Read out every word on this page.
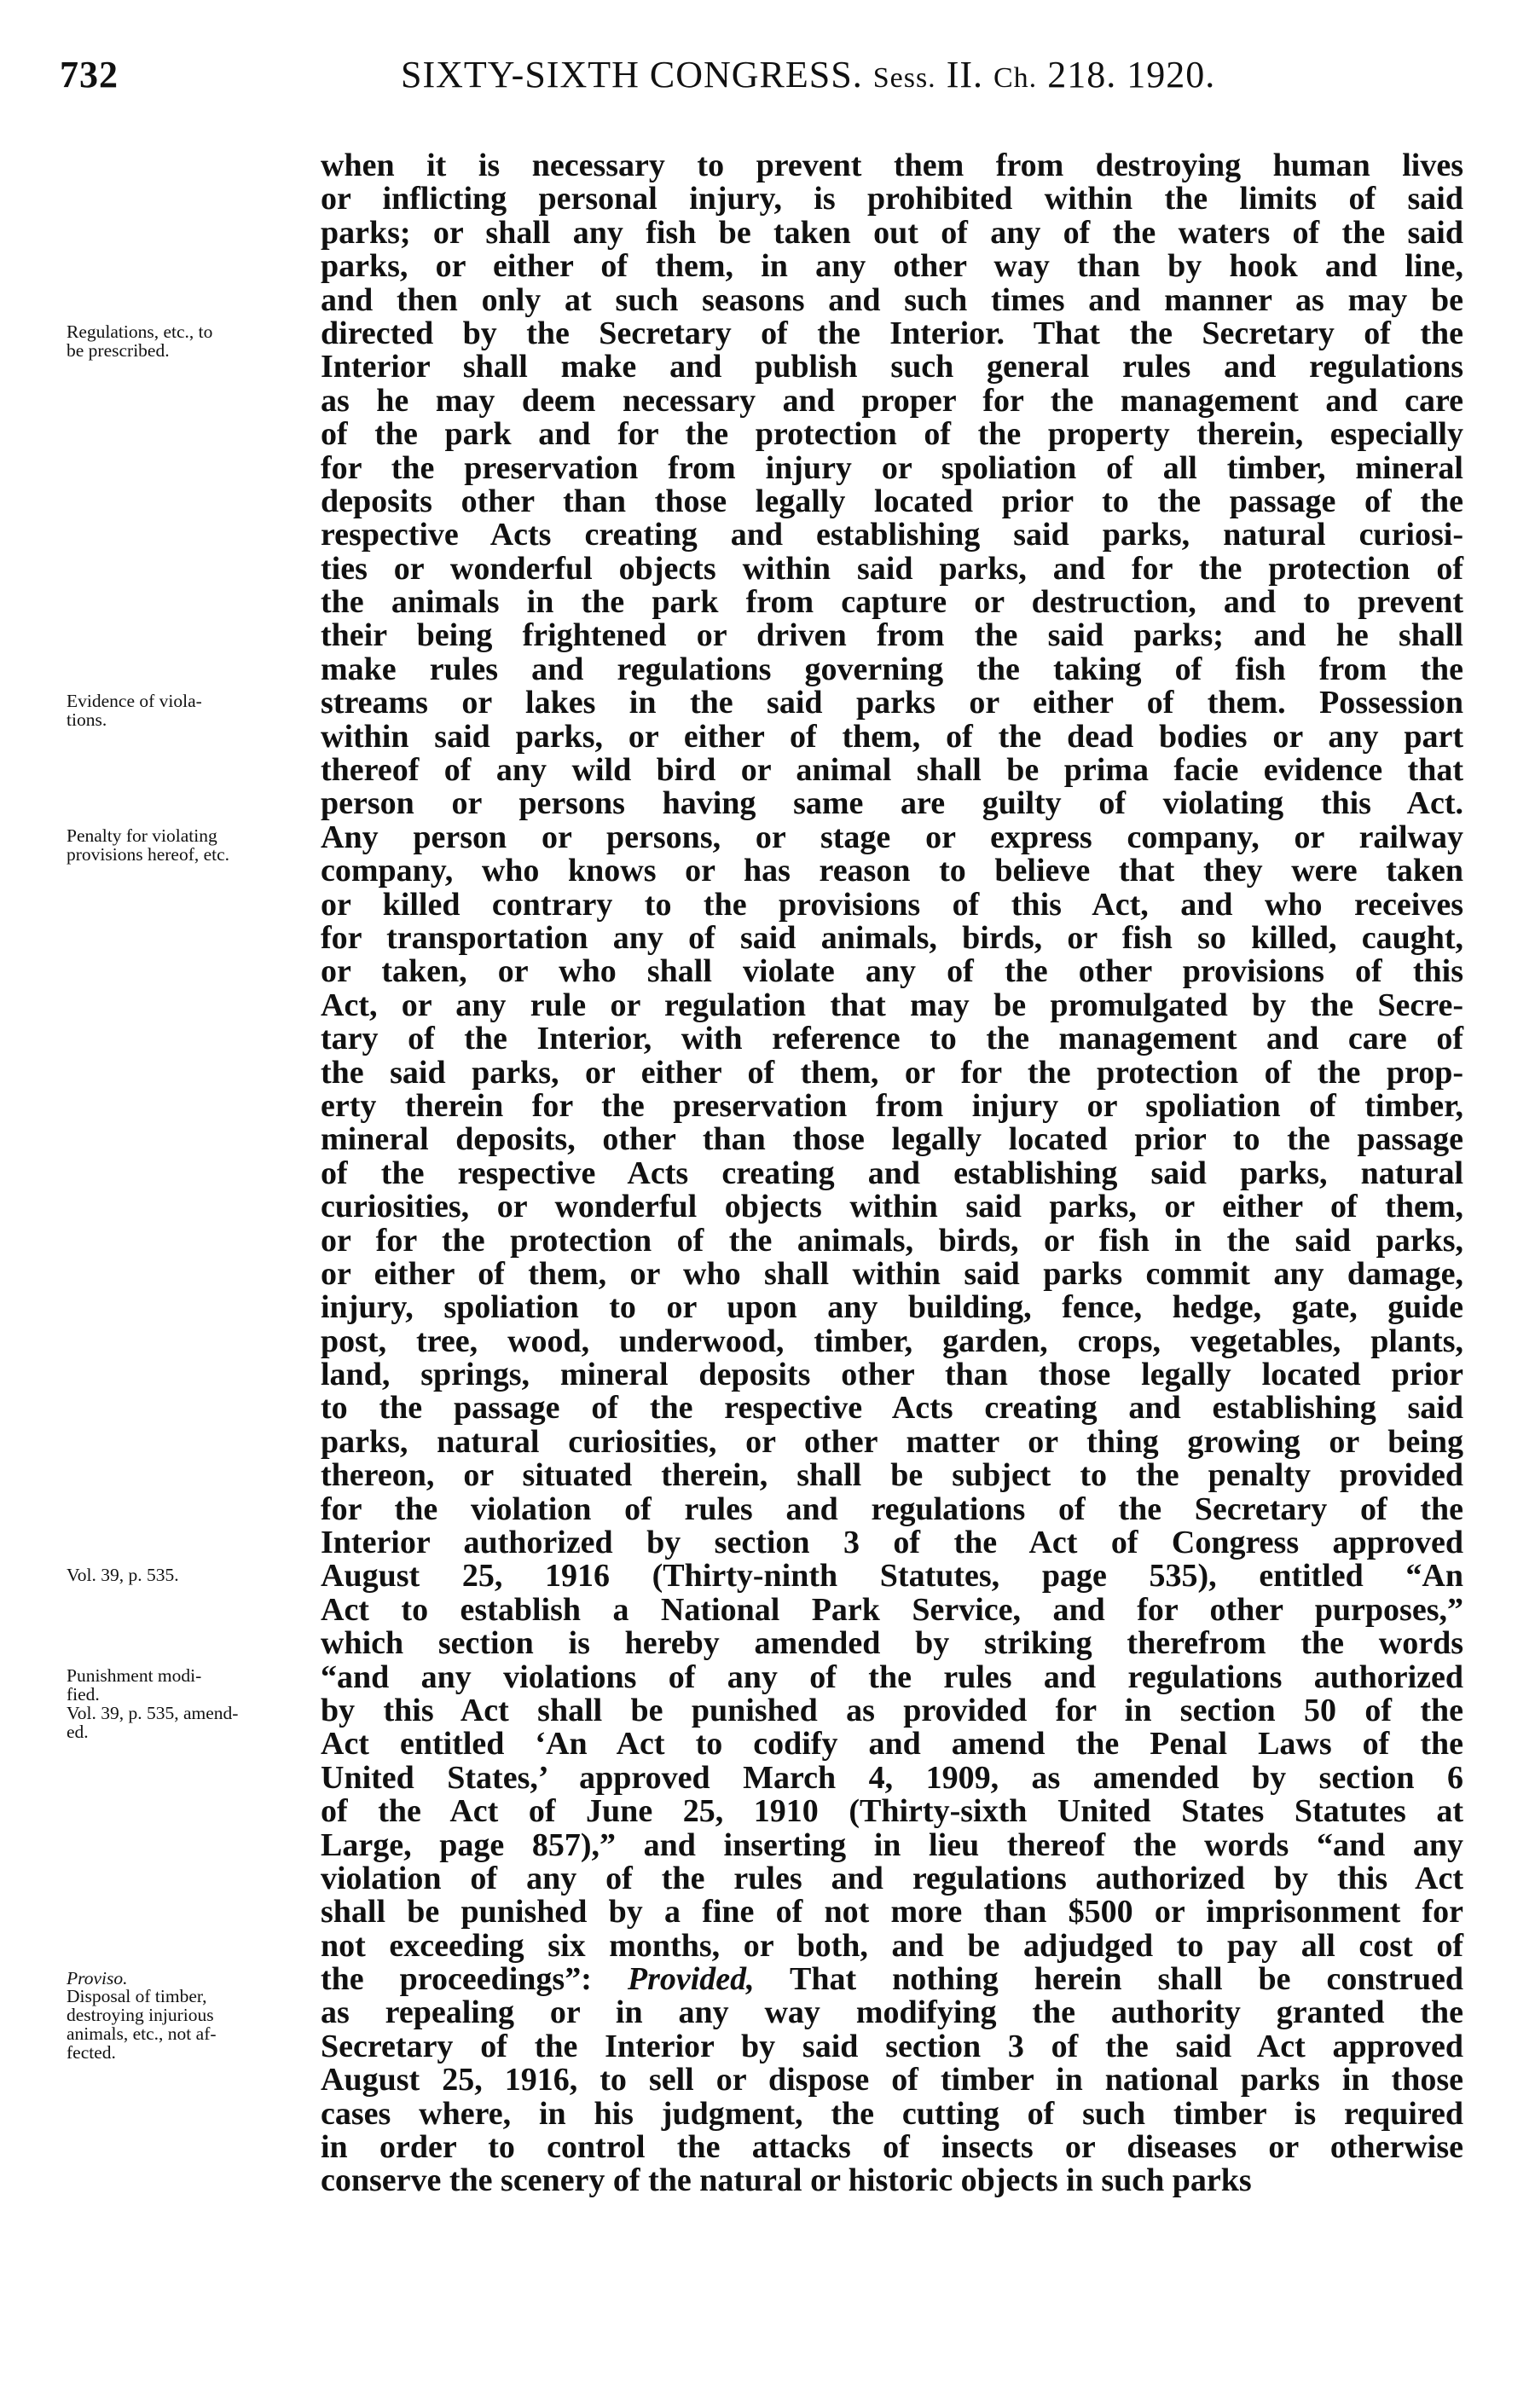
732	SIXTY-SIXTH CONGRESS. Sess. II. Ch. 218. 1920.
Regulations, etc., to
be prescribed.
Evidence of viola-
tions.
Penalty for violating
provisions hereof, etc.
Vol. 39, p. 535.
Punishment modi-
fied.
Vol. 39, p. 535, amend-
ed.
Proviso.
Disposal of timber,
destroying injurious
animals, etc., not af-
fected.
when it is necessary to prevent them from destroying human lives
or inflicting personal injury, is prohibited within the limits of said
parks; or shall any fish be taken out of any of the waters of the said
parks, or either of them, in any other way than by hook and line,
and then only at such seasons and such times and manner as may be
directed by the Secretary of the Interior. That the Secretary of the
Interior shall make and publish such general rules and regulations
as he may deem necessary and proper for the management and care
of the park and for the protection of the property therein, especially
for the preservation from injury or spoliation of all timber, mineral
deposits other than those legally located prior to the passage of the
respective Acts creating and establishing said parks, natural curiosi-
ties or wonderful objects within said parks, and for the protection of
the animals in the park from capture or destruction, and to prevent
their being frightened or driven from the said parks; and he shall
make rules and regulations governing the taking of fish from the
streams or lakes in the said parks or either of them. Possession
within said parks, or either of them, of the dead bodies or any part
thereof of any wild bird or animal shall be prima facie evidence that
person or persons having same are guilty of violating this Act.
Any person or persons, or stage or express company, or railway
company, who knows or has reason to believe that they were taken
or killed contrary to the provisions of this Act, and who receives
for transportation any of said animals, birds, or fish so killed, caught,
or taken, or who shall violate any of the other provisions of this
Act, or any rule or regulation that may be promulgated by the Secre-
tary of the Interior, with reference to the management and care of
the said parks, or either of them, or for the protection of the prop-
erty therein for the preservation from injury or spoliation of timber,
mineral deposits, other than those legally located prior to the passage
of the respective Acts creating and establishing said parks, natural
curiosities, or wonderful objects within said parks, or either of them,
or for the protection of the animals, birds, or fish in the said parks,
or either of them, or who shall within said parks commit any damage,
injury, spoliation to or upon any building, fence, hedge, gate, guide
post, tree, wood, underwood, timber, garden, crops, vegetables, plants,
land, springs, mineral deposits other than those legally located prior
to the passage of the respective Acts creating and establishing said
parks, natural curiosities, or other matter or thing growing or being
thereon, or situated therein, shall be subject to the penalty provided
for the violation of rules and regulations of the Secretary of the
Interior authorized by section 3 of the Act of Congress approved
August 25, 1916 (Thirty-ninth Statutes, page 535), entitled “An
Act to establish a National Park Service, and for other purposes,”
which section is hereby amended by striking therefrom the words
“and any violations of any of the rules and regulations authorized
by this Act shall be punished as provided for in section 50 of the
Act entitled ‘An Act to codify and amend the Penal Laws of the
United States,’ approved March 4, 1909, as amended by section 6
of the Act of June 25, 1910 (Thirty-sixth United States Statutes at
Large, page 857),” and inserting in lieu thereof the words “and any
violation of any of the rules and regulations authorized by this Act
shall be punished by a fine of not more than $500 or imprisonment for
not exceeding six months, or both, and be adjudged to pay all cost of
the proceedings”: Provided, That nothing herein shall be construed
as repealing or in any way modifying the authority granted the
Secretary of the Interior by said section 3 of the said Act approved
August 25, 1916, to sell or dispose of timber in national parks in those
cases where, in his judgment, the cutting of such timber is required
in order to control the attacks of insects or diseases or otherwise
conserve the scenery of the natural or historic objects in such parks
